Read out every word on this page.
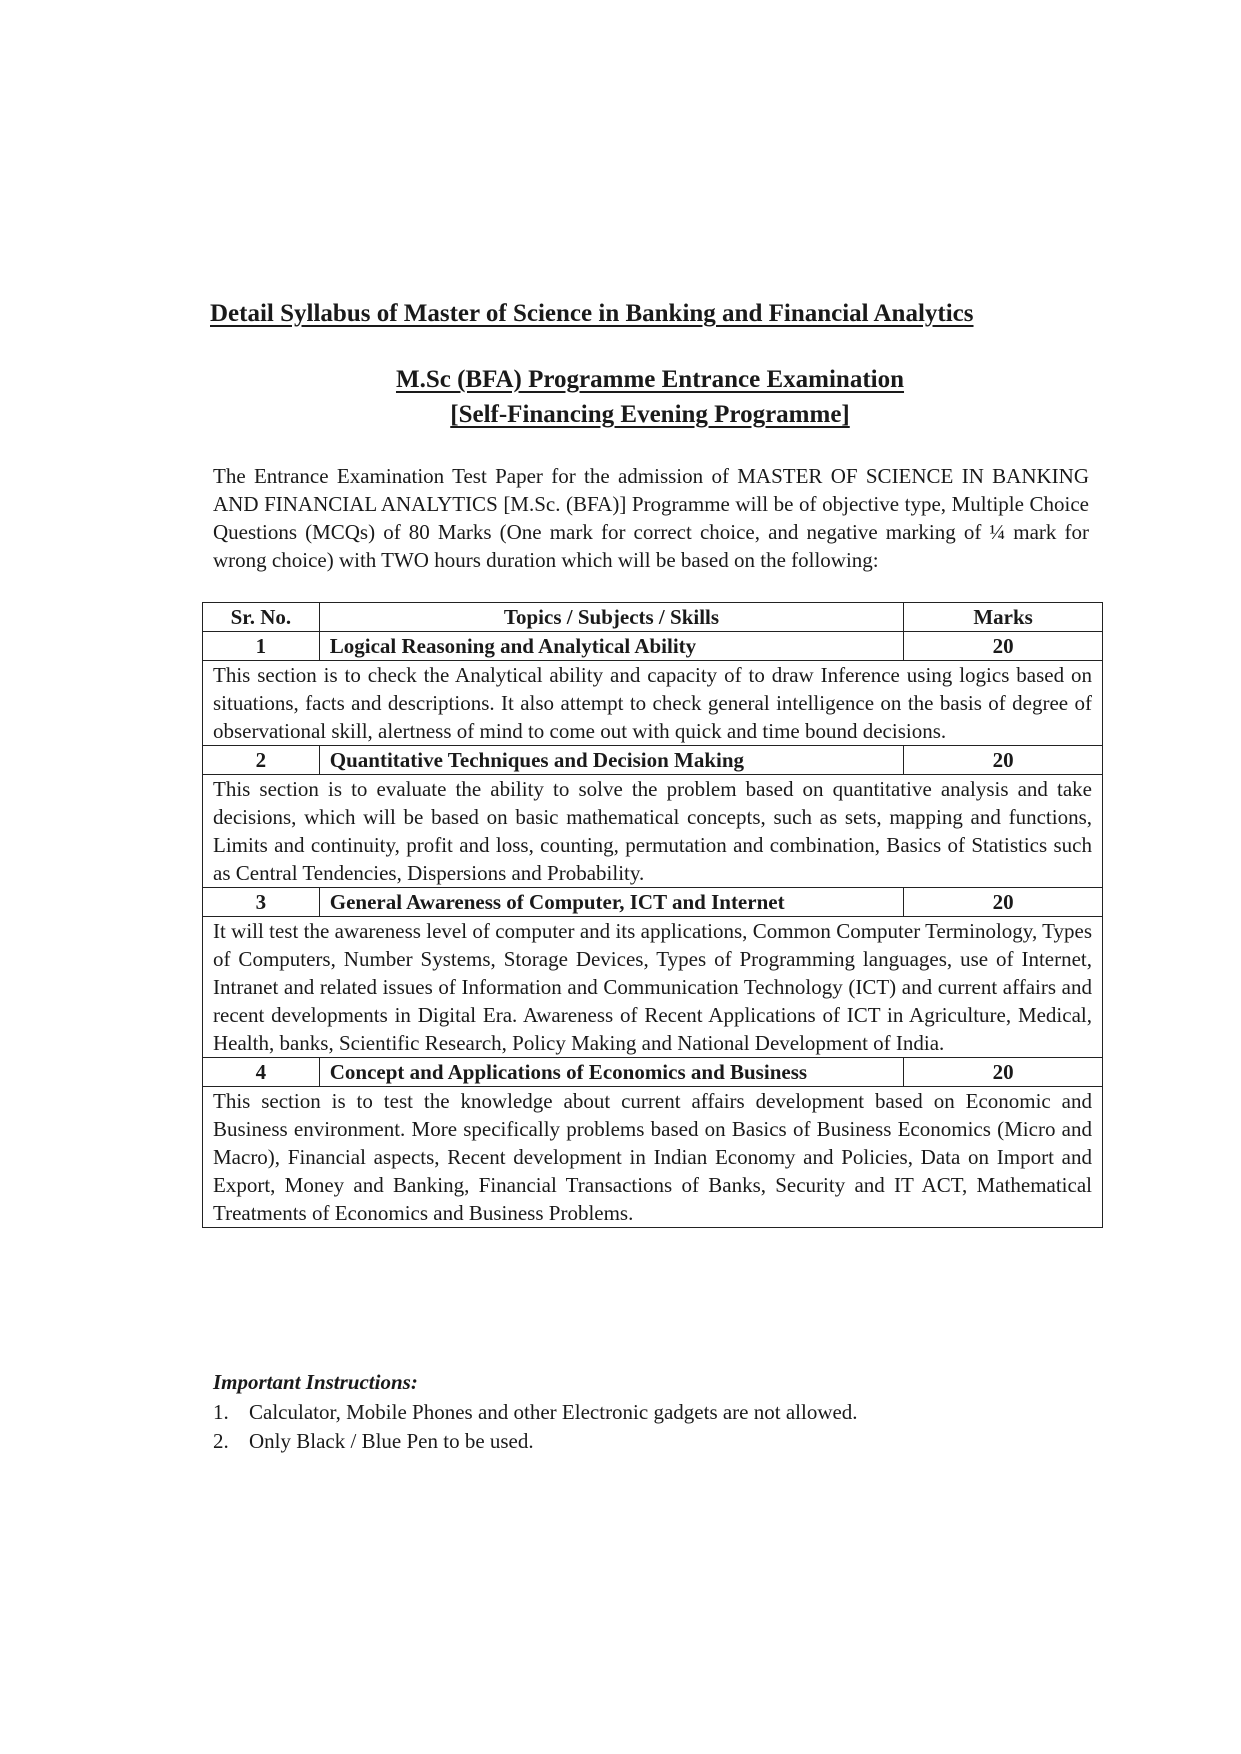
Detail Syllabus of Master of Science in Banking and Financial Analytics
M.Sc (BFA) Programme Entrance Examination
[Self-Financing Evening Programme]
The Entrance Examination Test Paper for the admission of MASTER OF SCIENCE IN BANKING AND FINANCIAL ANALYTICS [M.Sc. (BFA)] Programme will be of objective type, Multiple Choice Questions (MCQs) of 80 Marks (One mark for correct choice, and negative marking of ¼ mark for wrong choice) with TWO hours duration which will be based on the following:
Sr. No.	Topics / Subjects / Skills	Marks
1	Logical Reasoning and Analytical Ability	20
This section is to check the Analytical ability and capacity of to draw Inference using logics based on situations, facts and descriptions. It also attempt to check general intelligence on the basis of degree of observational skill, alertness of mind to come out with quick and time bound decisions.		
2	Quantitative Techniques and Decision Making	20
This section is to evaluate the ability to solve the problem based on quantitative analysis and take decisions, which will be based on basic mathematical concepts, such as sets, mapping and functions, Limits and continuity, profit and loss, counting, permutation and combination, Basics of Statistics such as Central Tendencies, Dispersions and Probability.		
3	General Awareness of Computer, ICT and Internet	20
It will test the awareness level of computer and its applications, Common Computer Terminology, Types of Computers, Number Systems, Storage Devices, Types of Programming languages, use of Internet, Intranet and related issues of Information and Communication Technology (ICT) and current affairs and recent developments in Digital Era. Awareness of Recent Applications of ICT in Agriculture, Medical, Health, banks, Scientific Research, Policy Making and National Development of India.		
4	Concept and Applications of Economics and Business	20
This section is to test the knowledge about current affairs development based on Economic and Business environment. More specifically problems based on Basics of Business Economics (Micro and Macro), Financial aspects, Recent development in Indian Economy and Policies, Data on Import and Export, Money and Banking, Financial Transactions of Banks, Security and IT ACT, Mathematical Treatments of Economics and Business Problems.		
Important Instructions:
1. Calculator, Mobile Phones and other Electronic gadgets are not allowed.
2. Only Black / Blue Pen to be used.
